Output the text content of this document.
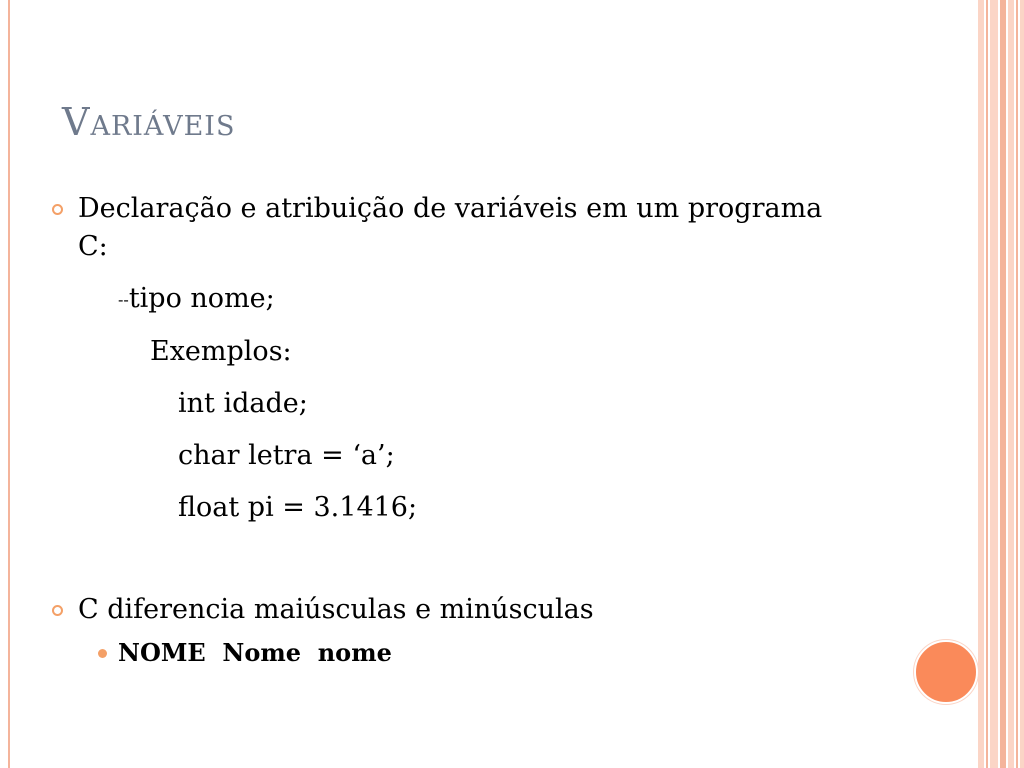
Variáveis
Declaração e atribuição de variáveis em um programa
C:
--tipo nome;
Exemplos:
int idade;
char letra = ‘a’;
float pi = 3.1416;
C diferencia maiúsculas e minúsculas
NOME  Nome  nome
